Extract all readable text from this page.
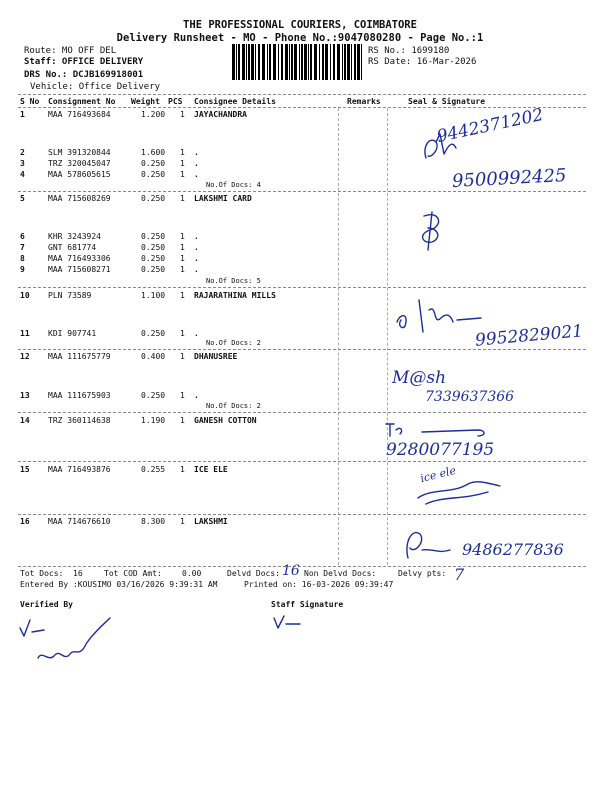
THE PROFESSIONAL COURIERS, COIMBATORE
Delivery Runsheet - MO - Phone No.:9047080280 - Page No.:1
Route: MO OFF DEL
Staff: OFFICE DELIVERY
DRS No.: DCJB169918001
Vehicle: Office Delivery
RS No.: 1699180
RS Date: 16-Mar-2026
S No Consignment No Weight PCS Consignee Details	Remarks	Seal & Signature
1	MAA 716493684	1.200 1 JAYACHANDRA
2	SLM 391320844	1.600 1 .
3	TRZ 320045047	0.250 1 .
4	MAA 578605615	0.250 1 .
5	MAA 715608269	0.250 1 LAKSHMI CARD
6	KHR 3243924	0.250 1 .
7	GNT 681774	0.250 1 .
8	MAA 716493306	0.250 1 .
9	MAA 715608271	0.250 1 .
10 PLN 73589	1.100 1 RAJARATHINA MILLS
11 KDI 907741	0.250 1 .
12 MAA 111675779	0.400 1 DHANUSREE
13 MAA 111675903	0.250 1 .
14 TRZ 360114638	1.190 1 GANESH COTTON
15 MAA 716493876	0.255 1 ICE ELE
16 MAA 714676610	8.300 1 LAKSHMI
No.Of Docs: 4
No.Of Docs: 5
No.Of Docs: 2
No.Of Docs: 2
Tot Docs: 16	Tot COD Amt:	0.00	Delvd Docs: 16 Non Delvd Docs:	Delvy pts: 7
Entered By :KOUSIMO 03/16/2026 9:39:31 AM	Printed on: 16-03-2026 09:39:47
Verified By	Staff Signature
9442371202
9500992425
9952829021
M@sh
7339637366
9280077195
ice ele
9486277836
